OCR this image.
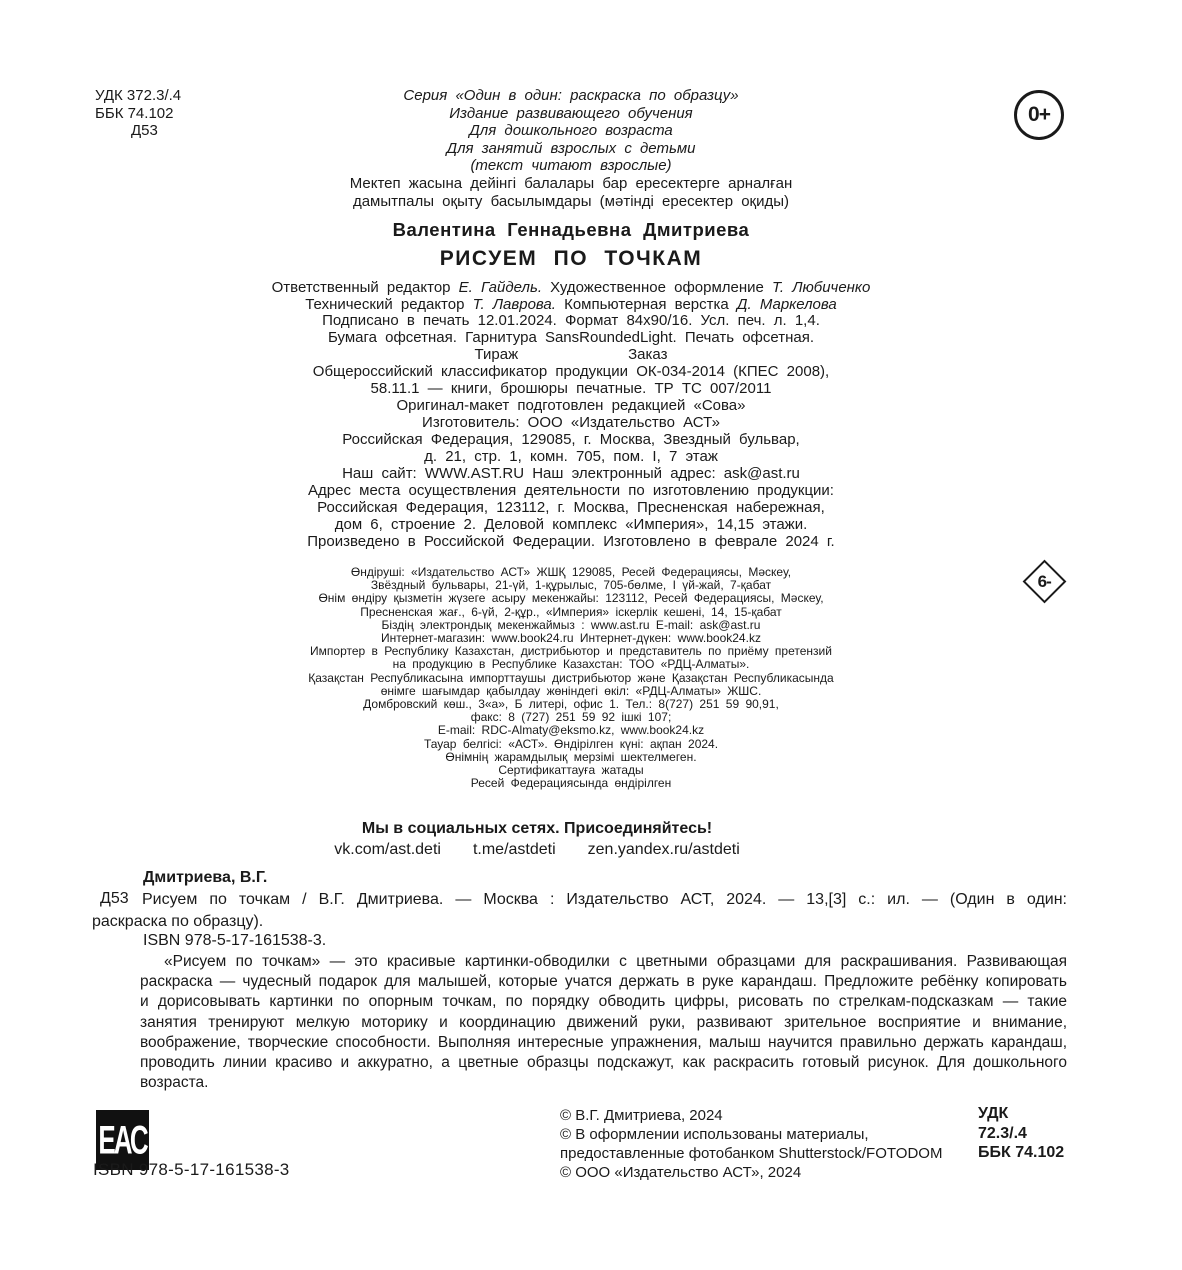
УДК 372.3/.4
ББК 74.102
Д53
0+
Серия «Один в один: раскраска по образцу»
Издание развивающего обучения
Для дошкольного возраста
Для занятий взрослых с детьми
(текст читают взрослые)
Мектеп жасына дейінгі балалары бар ересектерге арналған
дамытпалы оқыту басылымдары (мәтінді ересектер оқиды)
Валентина Геннадьевна Дмитриева
РИСУЕМ ПО ТОЧКАМ
Ответственный редактор Е. Гайдель. Художественное оформление Т. Любиченко
Технический редактор Т. Лаврова. Компьютерная верстка Д. Маркелова
Подписано в печать 12.01.2024. Формат 84х90/16. Усл. печ. л. 1,4.
Бумага офсетная. Гарнитура SansRoundedLight. Печать офсетная.
Тираж	Заказ
Общероссийский классификатор продукции ОК-034-2014 (КПЕС 2008),
58.11.1 — книги, брошюры печатные. ТР ТС 007/2011
Оригинал-макет подготовлен редакцией «Сова»
Изготовитель: ООО «Издательство АСТ»
Российская Федерация, 129085, г. Москва, Звездный бульвар,
д. 21, стр. 1, комн. 705, пом. I, 7 этаж
Наш сайт: WWW.AST.RU Наш электронный адрес: ask@ast.ru
Адрес места осуществления деятельности по изготовлению продукции:
Российская Федерация, 123112, г. Москва, Пресненская набережная,
дом 6, строение 2. Деловой комплекс «Империя», 14,15 этажи.
Произведено в Российской Федерации. Изготовлено в феврале 2024 г.
6-
Өндіруші: «Издательство АСТ» ЖШҚ 129085, Ресей Федерациясы, Мәскеу,
Звёздный бульвары, 21-үй, 1-құрылыс, 705-бөлме, І үй-жай, 7-қабат
Өнім өндіру қызметін жүзеге асыру мекенжайы: 123112, Ресей Федерациясы, Мәскеу,
Пресненская жағ., 6-үй, 2-құр., «Империя» іскерлік кешені, 14, 15-қабат
Біздің электрондық мекенжаймыз : www.ast.ru E-mail: ask@ast.ru
Интернет-магазин: www.book24.ru Интернет-дүкен: www.book24.kz
Импортер в Республику Казахстан, дистрибьютор и представитель по приёму претензий
на продукцию в Республике Казахстан: ТОО «РДЦ-Алматы».
Қазақстан Республикасына импорттаушы дистрибьютор және Қазақстан Республикасында
өнімге шағымдар қабылдау жөніндегі өкіл: «РДЦ-Алматы» ЖШС.
Домбровский көш., 3«а», Б литері, офис 1. Тел.: 8(727) 251 59 90,91,
факс: 8 (727) 251 59 92 ішкі 107;
E-mail: RDC-Almaty@eksmo.kz, www.book24.kz
Тауар белгісі: «АСТ». Өндірілген күні: ақпан 2024.
Өнімнің жарамдылық мерзімі шектелмеген.
Сертификаттауға жатады
Ресей Федерациясында өндірілген
Мы в социальных сетях. Присоединяйтесь!
vk.com/ast.deti t.me/astdeti zen.yandex.ru/astdeti
Дмитриева, В.Г.
Д53 Рисуем по точкам / В.Г. Дмитриева. — Москва : Издательство АСТ, 2024. — 13,[3] с.: ил. — (Один в один:
раскраска по образцу).
ISBN 978-5-17-161538-3.
«Рисуем по точкам» — это красивые картинки-обводилки с цветными образцами для раскрашивания. Развивающая раскраска — чудесный подарок для малышей, которые учатся держать в руке карандаш. Предложите ребёнку копировать и дорисовывать картинки по опорным точкам, по порядку обводить цифры, рисовать по стрелкам-подсказкам — такие занятия тренируют мелкую моторику и координацию движений руки, развивают зрительное восприятие и внимание, воображение, творческие способности. Выполняя интересные упражнения, малыш научится правильно держать карандаш, проводить линии красиво и аккуратно, а цветные образцы подскажут, как раскрасить готовый рисунок. Для дошкольного возраста.
ЕАС
ISBN 978-5-17-161538-3
© В.Г. Дмитриева, 2024
© В оформлении использованы материалы,
предоставленные фотобанком Shutterstock/FOTODOM
© ООО «Издательство АСТ», 2024
УДК
72.3/.4
ББК 74.102
